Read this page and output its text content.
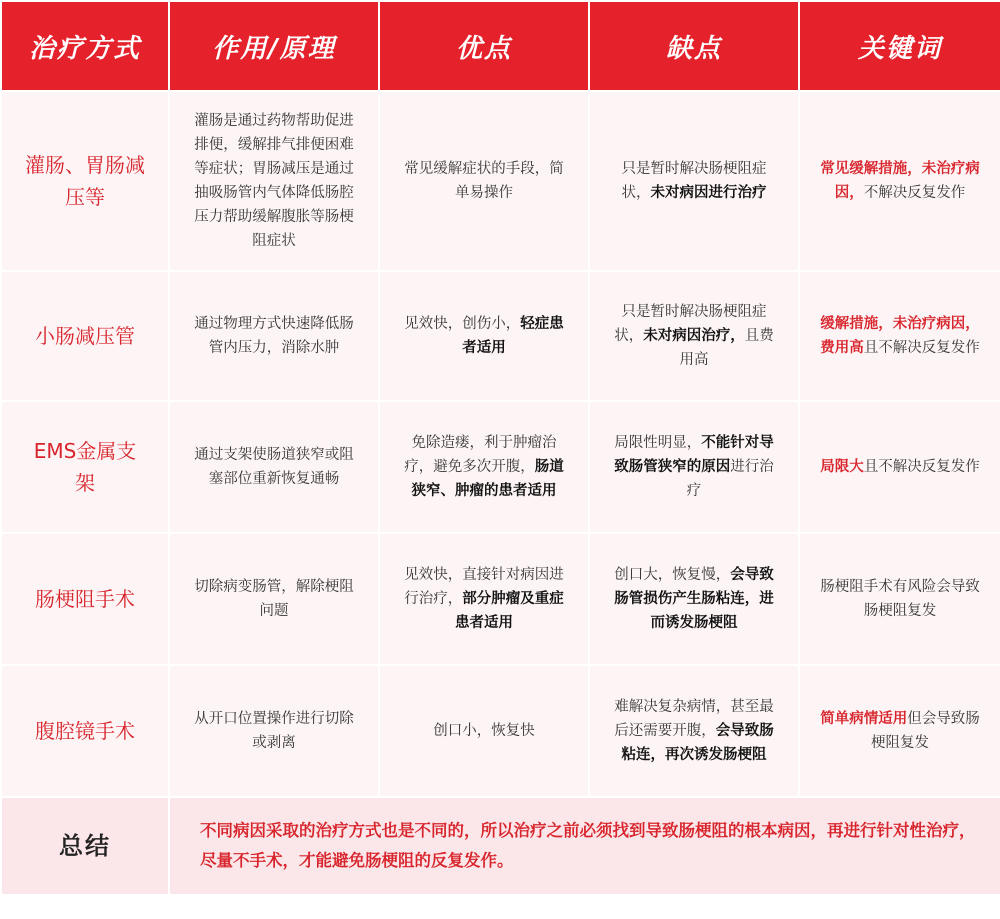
治疗方式	作用/原理	优点	缺点	关键词
灌肠、胃肠减压等	灌肠是通过药物帮助促进排便，缓解排气排便困难等症状；胃肠减压是通过抽吸肠管内气体降低肠腔压力帮助缓解腹胀等肠梗阻症状	常见缓解症状的手段，简单易操作	只是暂时解决肠梗阻症状，未对病因进行治疗	常见缓解措施，未治疗病因，不解决反复发作
小肠减压管	通过物理方式快速降低肠管内压力，消除水肿	见效快，创伤小，轻症患者适用	只是暂时解决肠梗阻症状，未对病因治疗，且费用高	缓解措施，未治疗病因，费用高且不解决反复发作
EMS金属支架	通过支架使肠道狭窄或阻塞部位重新恢复通畅	免除造瘘，利于肿瘤治疗，避免多次开腹，肠道狭窄、肿瘤的患者适用	局限性明显，不能针对导致肠管狭窄的原因进行治疗	局限大且不解决反复发作
肠梗阻手术	切除病变肠管，解除梗阻问题	见效快，直接针对病因进行治疗，部分肿瘤及重症患者适用	创口大，恢复慢，会导致肠管损伤产生肠粘连，进而诱发肠梗阻	肠梗阻手术有风险会导致肠梗阻复发
腹腔镜手术	从开口位置操作进行切除或剥离	创口小，恢复快	难解决复杂病情，甚至最后还需要开腹，会导致肠粘连，再次诱发肠梗阻	简单病情适用但会导致肠梗阻复发
总结	不同病因采取的治疗方式也是不同的，所以治疗之前必须找到导致肠梗阻的根本病因，再进行针对性治疗，尽量不手术，才能避免肠梗阻的反复发作。			
